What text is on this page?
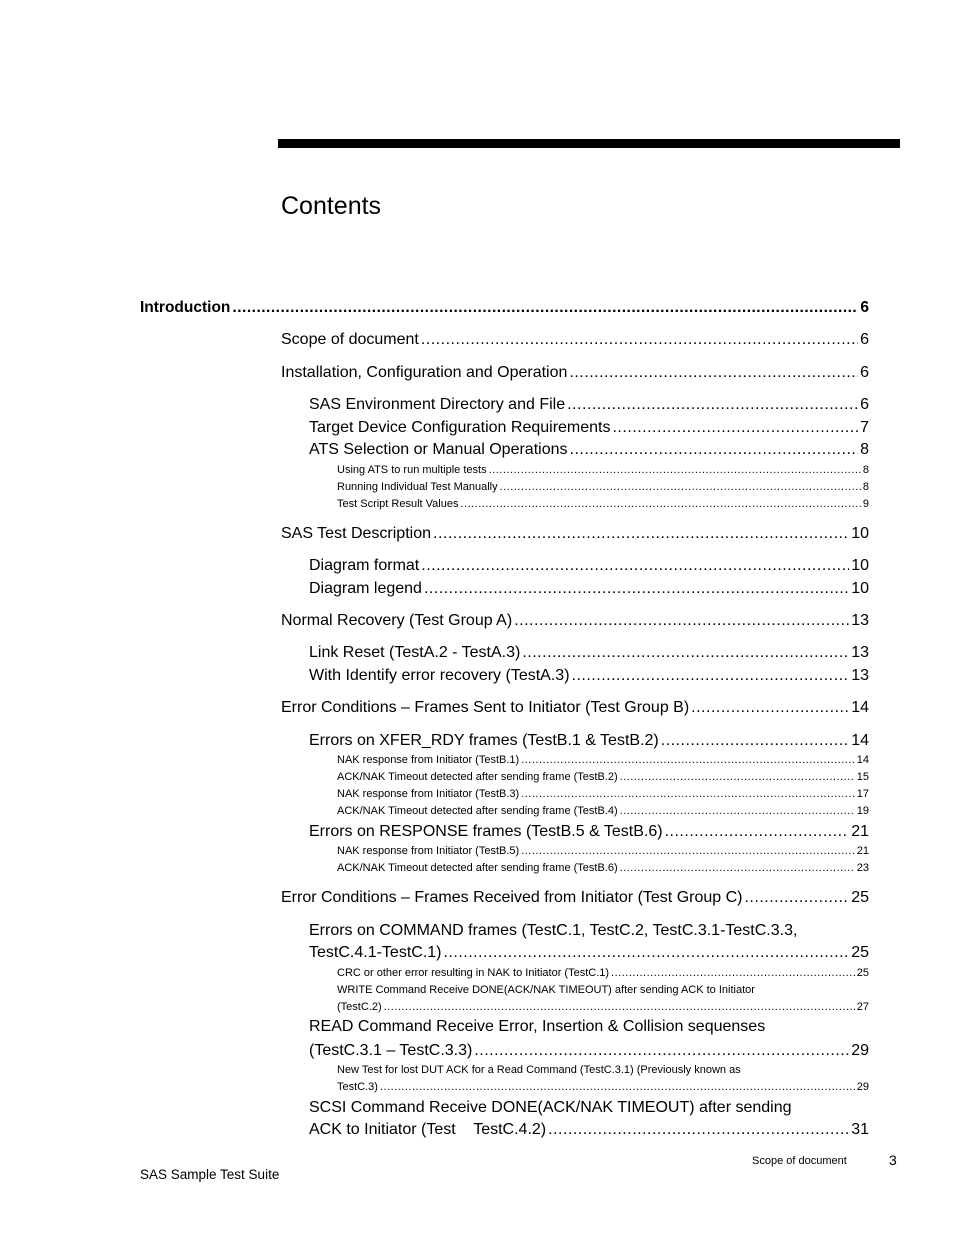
Contents
Introduction .....	6
Scope of document .....	6
Installation, Configuration and Operation .....	6
SAS Environment Directory and File .....	6
Target Device Configuration Requirements .....	7
ATS Selection or Manual Operations .....	8
Using ATS to run multiple tests .....	8
Running Individual Test Manually .....	8
Test Script Result Values .....	9
SAS Test Description .....	10
Diagram format .....	10
Diagram legend .....	10
Normal Recovery (Test Group A) .....	13
Link Reset (TestA.2 - TestA.3) .....	13
With Identify error recovery (TestA.3) .....	13
Error Conditions – Frames Sent to Initiator (Test Group B) .....	14
Errors on XFER_RDY frames (TestB.1 & TestB.2) .....	14
NAK response from Initiator (TestB.1) .....	14
ACK/NAK Timeout detected after sending frame (TestB.2) .....	15
NAK response from Initiator (TestB.3) .....	17
ACK/NAK Timeout detected after sending frame (TestB.4) .....	19
Errors on RESPONSE frames (TestB.5 & TestB.6) .....	21
NAK response from Initiator (TestB.5) .....	21
ACK/NAK Timeout detected after sending frame (TestB.6) .....	23
Error Conditions – Frames Received from Initiator (Test Group C) .....	25
Errors on COMMAND frames (TestC.1, TestC.2, TestC.3.1-TestC.3.3,
TestC.4.1-TestC.1) .....	25
CRC or other error resulting in NAK to Initiator (TestC.1) .....	25
WRITE Command Receive DONE(ACK/NAK TIMEOUT) after sending ACK to Initiator
(TestC.2) .....	27
READ Command Receive Error, Insertion & Collision sequenses
(TestC.3.1 – TestC.3.3) .....	29
New Test for lost DUT ACK for a Read Command (TestC.3.1) (Previously known as
TestC.3) .....	29
SCSI Command Receive DONE(ACK/NAK TIMEOUT) after sending
ACK to Initiator (Test    TestC.4.2) .....	31
Scope of document	3
SAS Sample Test Suite
